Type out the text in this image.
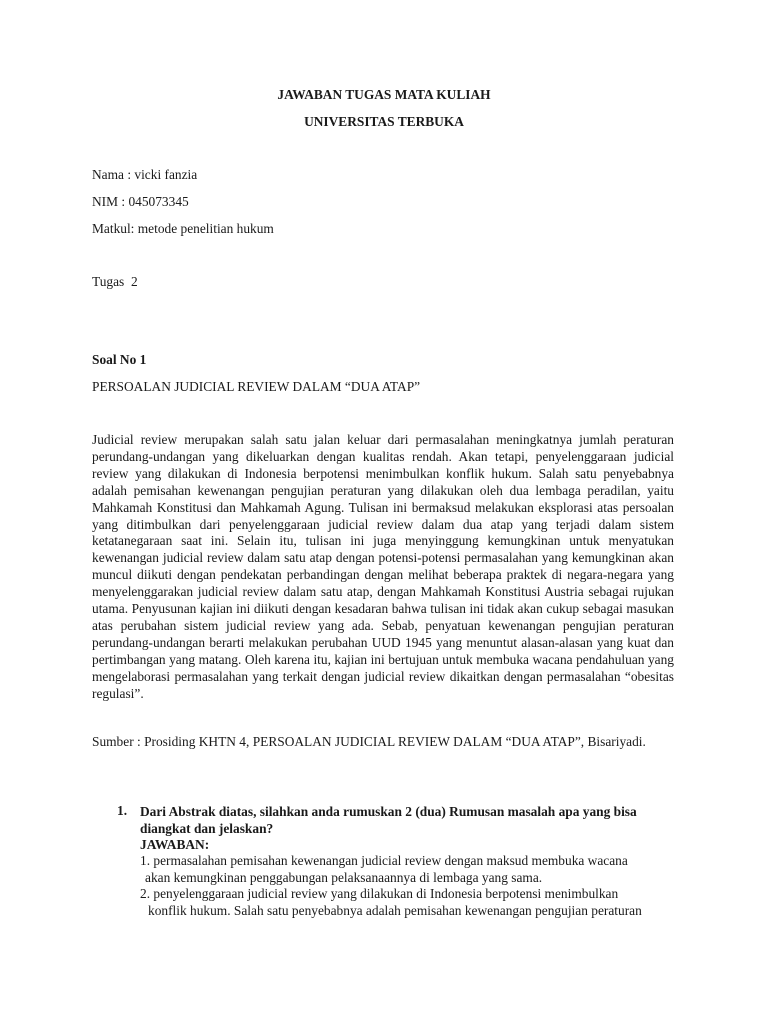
JAWABAN TUGAS MATA KULIAH
UNIVERSITAS TERBUKA
Nama : vicki fanzia
NIM : 045073345
Matkul: metode penelitian hukum
Tugas  2
Soal No 1
PERSOALAN JUDICIAL REVIEW DALAM “DUA ATAP”
Judicial review merupakan salah satu jalan keluar dari permasalahan meningkatnya jumlah peraturan perundang-undangan yang dikeluarkan dengan kualitas rendah. Akan tetapi, penyelenggaraan judicial review yang dilakukan di Indonesia berpotensi menimbulkan konflik hukum. Salah satu penyebabnya adalah pemisahan kewenangan pengujian peraturan yang dilakukan oleh dua lembaga peradilan, yaitu Mahkamah Konstitusi dan Mahkamah Agung. Tulisan ini bermaksud melakukan eksplorasi atas persoalan yang ditimbulkan dari penyelenggaraan judicial review dalam dua atap yang terjadi dalam sistem ketatanegaraan saat ini. Selain itu, tulisan ini juga menyinggung kemungkinan untuk menyatukan kewenangan judicial review dalam satu atap dengan potensi-potensi permasalahan yang kemungkinan akan muncul diikuti dengan pendekatan perbandingan dengan melihat beberapa praktek di negara-negara yang menyelenggarakan judicial review dalam satu atap, dengan Mahkamah Konstitusi Austria sebagai rujukan utama. Penyusunan kajian ini diikuti dengan kesadaran bahwa tulisan ini tidak akan cukup sebagai masukan atas perubahan sistem judicial review yang ada. Sebab, penyatuan kewenangan pengujian peraturan perundang-undangan berarti melakukan perubahan UUD 1945 yang menuntut alasan-alasan yang kuat dan pertimbangan yang matang. Oleh karena itu, kajian ini bertujuan untuk membuka wacana pendahuluan yang mengelaborasi permasalahan yang terkait dengan judicial review dikaitkan dengan permasalahan “obesitas regulasi”.
Sumber : Prosiding KHTN 4, PERSOALAN JUDICIAL REVIEW DALAM “DUA ATAP”, Bisariyadi.
1. Dari Abstrak diatas, silahkan anda rumuskan 2 (dua) Rumusan masalah apa yang bisa diangkat dan jelaskan?
JAWABAN:
1. permasalahan pemisahan kewenangan judicial review dengan maksud membuka wacana
akan kemungkinan penggabungan pelaksanaannya di lembaga yang sama.
2. penyelenggaraan judicial review yang dilakukan di Indonesia berpotensi menimbulkan
konflik hukum. Salah satu penyebabnya adalah pemisahan kewenangan pengujian peraturan
